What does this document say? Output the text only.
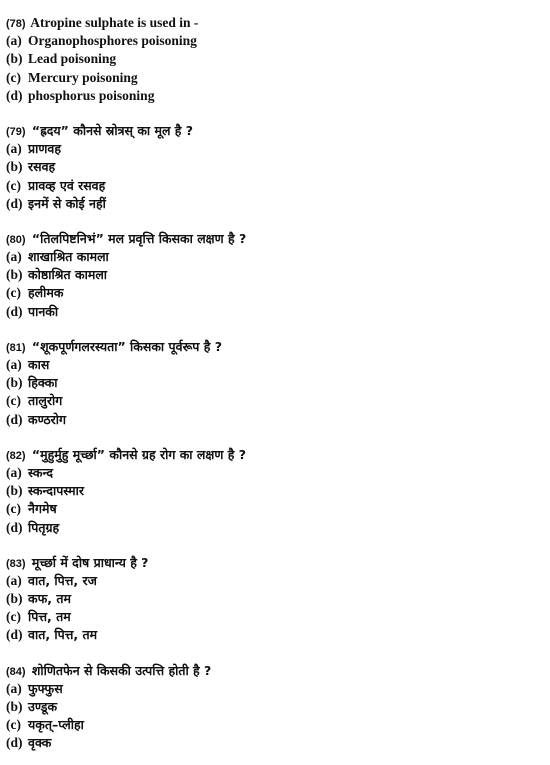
(78) Atropine sulphate is used in -
(a) Organophosphores poisoning
(b) Lead poisoning
(c) Mercury poisoning
(d) phosphorus poisoning
(79) “ह्रदय” कौनसे स्रोत्रस् का मूल है ?
(a) प्राणवह
(b) रसवह
(c) प्रावव्ह एवं रसवह
(d) इनमें से कोई नहीं
(80) “तिलपिष्टनिभं” मल प्रवृत्ति किसका लक्षण है ?
(a) शाखाश्रित कामला
(b) कोष्ठाश्रित कामला
(c) हलीमक
(d) पानकी
(81) “शूकपूर्णगलरस्यता” किसका पूर्वरूप है ?
(a) कास
(b) हिक्का
(c) तालुरोग
(d) कण्ठरोग
(82) “मुहुर्मुहु मूर्च्छा” कौनसे ग्रह रोग का लक्षण है ?
(a) स्कन्द
(b) स्कन्दापस्मार
(c) नैगमेष
(d) पितृग्रह
(83) मूर्च्छा में दोष प्राधान्य है ?
(a) वात, पित्त, रज
(b) कफ, तम
(c) पित्त, तम
(d) वात, पित्त, तम
(84) शोणितफेन से किसकी उत्पत्ति होती है ?
(a) फुफ्फुस
(b) उण्डूक
(c) यकृत्–प्लीहा
(d) वृक्क
